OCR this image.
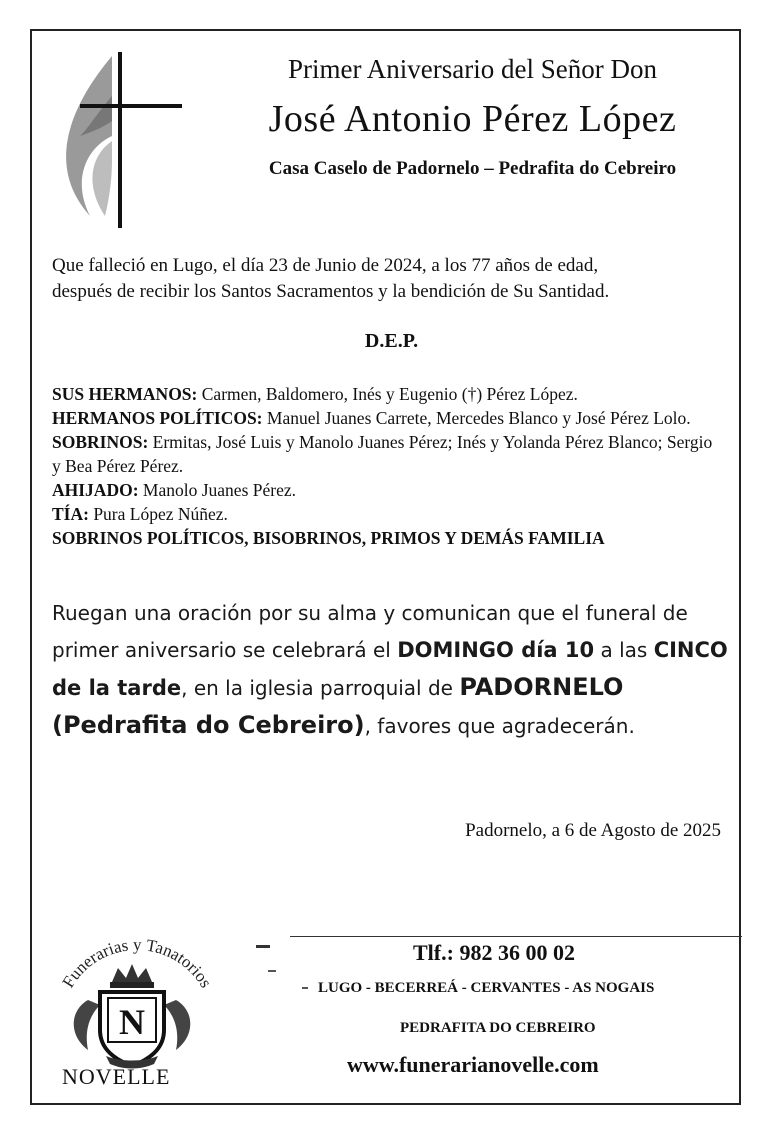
Primer Aniversario del Señor Don
José Antonio Pérez López
Casa Caselo de Padornelo – Pedrafita do Cebreiro
Que falleció en Lugo, el día 23 de Junio de 2024, a los 77 años de edad,
después de recibir los Santos Sacramentos y la bendición de Su Santidad.
D.E.P.
SUS HERMANOS: Carmen, Baldomero, Inés y Eugenio (†) Pérez López.
HERMANOS POLÍTICOS: Manuel Juanes Carrete, Mercedes Blanco y José Pérez Lolo.
SOBRINOS: Ermitas, José Luis y Manolo Juanes Pérez; Inés y Yolanda Pérez Blanco; Sergio y Bea Pérez Pérez.
AHIJADO: Manolo Juanes Pérez.
TÍA: Pura López Núñez.
SOBRINOS POLÍTICOS, BISOBRINOS, PRIMOS Y DEMÁS FAMILIA
Ruegan una oración por su alma y comunican que el funeral de primer aniversario se celebrará el DOMINGO día 10 a las CINCO de la tarde, en la iglesia parroquial de PADORNELO (Pedrafita do Cebreiro), favores que agradecerán.
Padornelo, a 6 de Agosto de 2025
Tlf.: 982 36 00 02
LUGO - BECERREÁ - CERVANTES - AS NOGAIS
PEDRAFITA DO CEBREIRO
www.funerarianovelle.com
Funerarias y Tanatorios
N
NOVELLE
